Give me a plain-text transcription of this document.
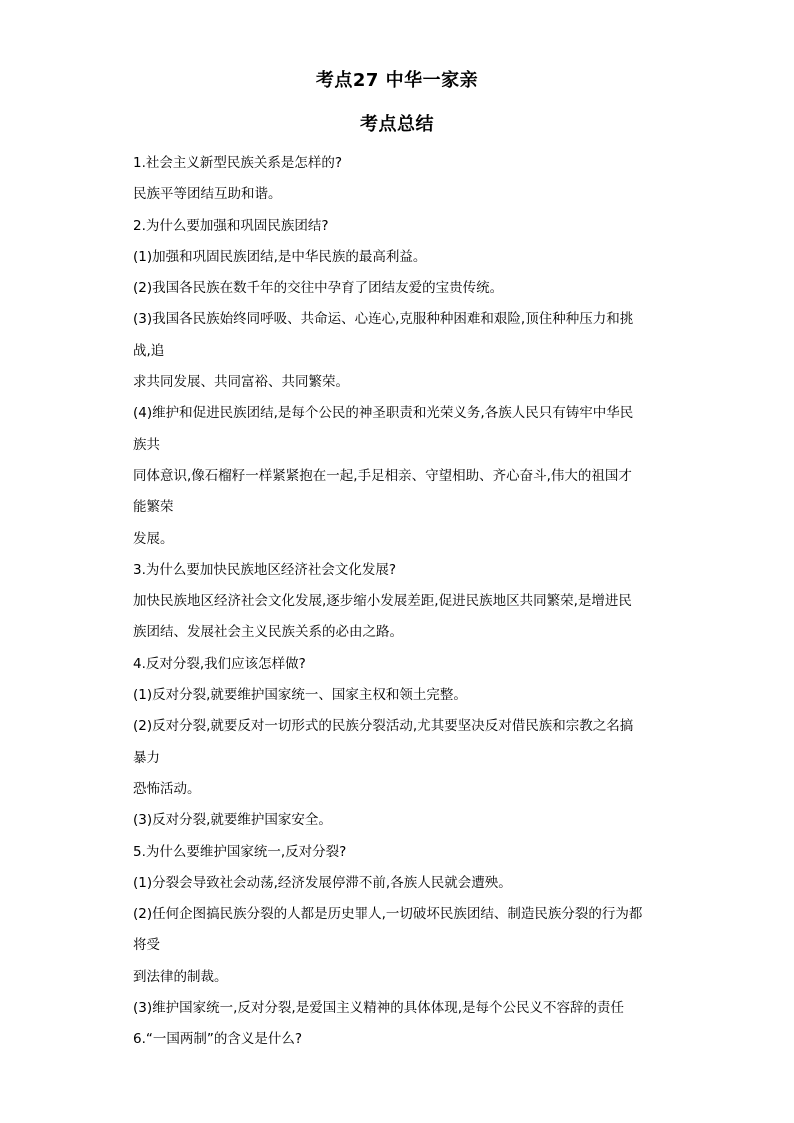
考点27 中华一家亲
考点总结

1.社会主义新型民族关系是怎样的?

民族平等团结互助和谐。

2.为什么要加强和巩固民族团结?

(1)加强和巩固民族团结,是中华民族的最高利益。

(2)我国各民族在数千年的交往中孕育了团结友爱的宝贵传统。

(3)我国各民族始终同呼吸、共命运、心连心,克服种种困难和艰险,顶住种种压力和挑

战,追

求共同发展、共同富裕、共同繁荣。

(4)维护和促进民族团结,是每个公民的神圣职责和光荣义务,各族人民只有铸牢中华民

族共

同体意识,像石榴籽一样紧紧抱在一起,手足相亲、守望相助、齐心奋斗,伟大的祖国才

能繁荣

发展。

3.为什么要加快民族地区经济社会文化发展?

加快民族地区经济社会文化发展,逐步缩小发展差距,促进民族地区共同繁荣,是增进民

族团结、发展社会主义民族关系的必由之路。

4.反对分裂,我们应该怎样做?

(1)反对分裂,就要维护国家统一、国家主权和领土完整。

(2)反对分裂,就要反对一切形式的民族分裂活动,尤其要坚决反对借民族和宗教之名搞

暴力

恐怖活动。

(3)反对分裂,就要维护国家安全。

5.为什么要维护国家统一,反对分裂?

(1)分裂会导致社会动荡,经济发展停滞不前,各族人民就会遭殃。

(2)任何企图搞民族分裂的人都是历史罪人,一切破坏民族团结、制造民族分裂的行为都

将受

到法律的制裁。

(3)维护国家统一,反对分裂,是爱国主义精神的具体体现,是每个公民义不容辞的责任

6.“一国两制”的含义是什么?
